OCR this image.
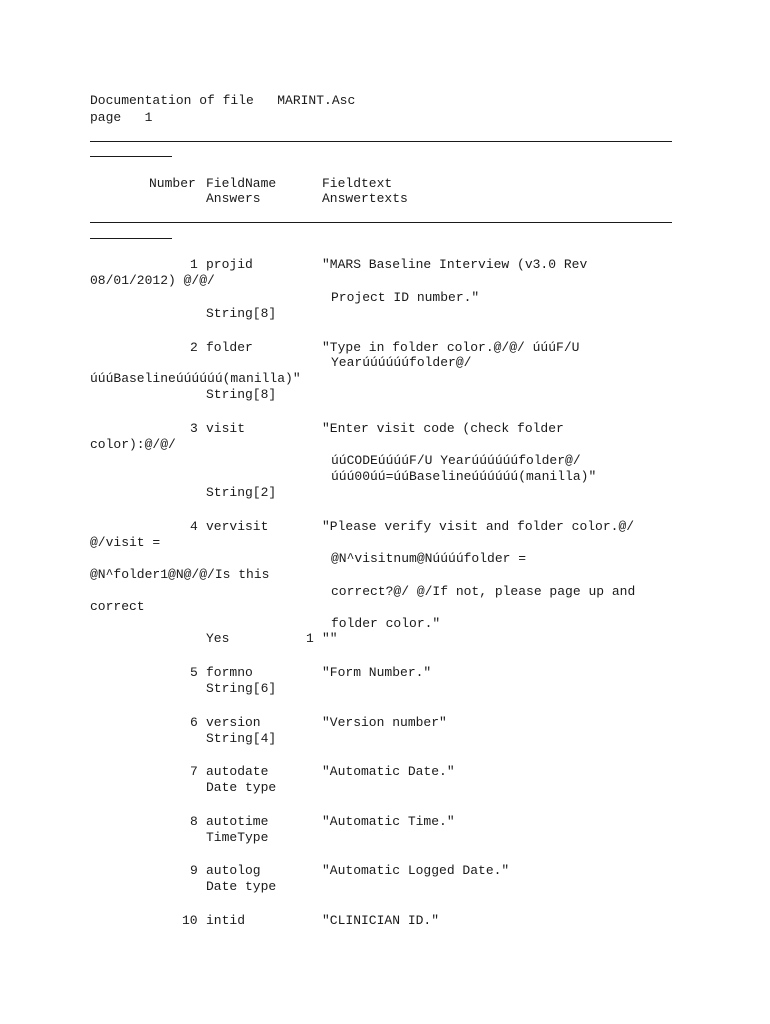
Documentation of file   MARINT.Asc
page   1
Number FieldName	Fieldtext
Answers	Answertexts
1 projid	"MARS Baseline Interview (v3.0 Rev
08/01/2012) @/@/
Project ID number."
String[8]
2 folder	"Type in folder color.@/@/ úúúF/U
Yearúúúúúúfolder@/
úúúBaselineúúúúúú(manilla)"
String[8]
3 visit	"Enter visit code (check folder
color):@/@/
úúCODEúúúúF/U Yearúúúúúúfolder@/
úúú00úú=úúBaselineúúúúúú(manilla)"
String[2]
4 vervisit	"Please verify visit and folder color.@/
@/visit =
@N^visitnum@Núúúúfolder =
@N^folder1@N@/@/Is this
correct?@/ @/If not, please page up and
correct
folder color."
Yes	1 ""
5 formno	"Form Number."
String[6]
6 version	"Version number"
String[4]
7 autodate	"Automatic Date."
Date type
8 autotime	"Automatic Time."
TimeType
9 autolog	"Automatic Logged Date."
Date type
10 intid	"CLINICIAN ID."
